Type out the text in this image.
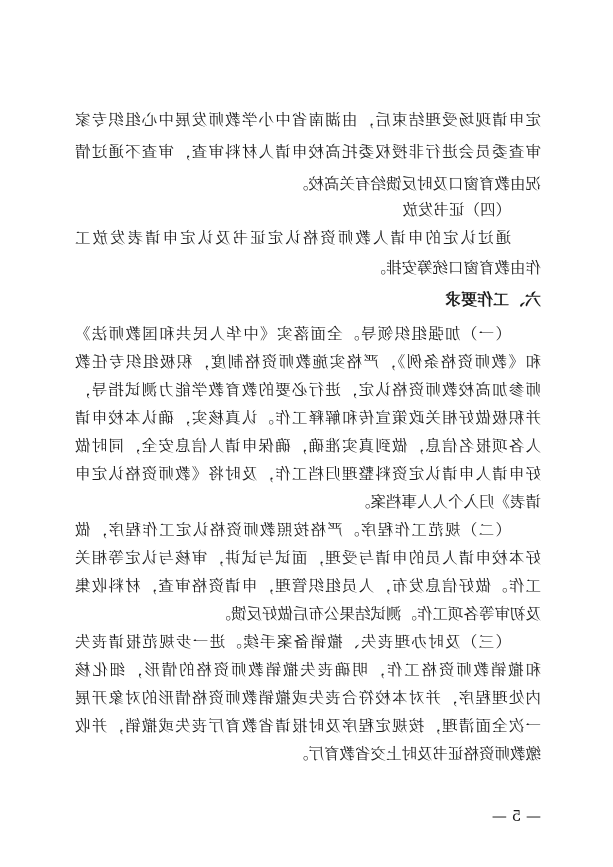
定申请现场受理结束后，由湖南省中小学教师发展中心组织专家
审查委员会进行非授权委托高校申请人材料审查，审查不通过情
况由教育窗口及时反馈给有关高校。
（四）证书发放
通过认定的申请人教师资格认定证书及认定申请表发放工
作由教育窗口统筹安排。
六、工作要求
（一）加强组织领导。全面落实《中华人民共和国教师法》
和《教师资格条例》，严格实施教师资格制度，积极组织专任教
师参加高校教师资格认定，进行必要的教育教学能力测试指导，
并积极做好相关政策宣传和解释工作。认真核实，确认本校申请
人各项报名信息，做到真实准确，确保申请人信息安全，同时做
好申请人申请认定资料整理归档工作，及时将《教师资格认定申
请表》归入个人人事档案。
（二）规范工作程序。严格按照教师资格认定工作程序，做
好本校申请人员的申请与受理，面试与试讲，审核与认定等相关
工作。做好信息发布，人员组织管理，申请资格审查，材料收集
及初审等各项工作。测试结果公布后做好反馈。
（三）及时办理丧失、撤销备案手续。进一步规范报请丧失
和撤销教师资格工作，明确丧失撤销教师资格的情形，细化核
内处理程序，并对本校符合丧失或撤销教师资格情形的对象开展
一次全面清理，按规定程序及时报请省教育厅丧失或撤销，并收
缴教师资格证书及时上交省教育厅。
— 5 —
